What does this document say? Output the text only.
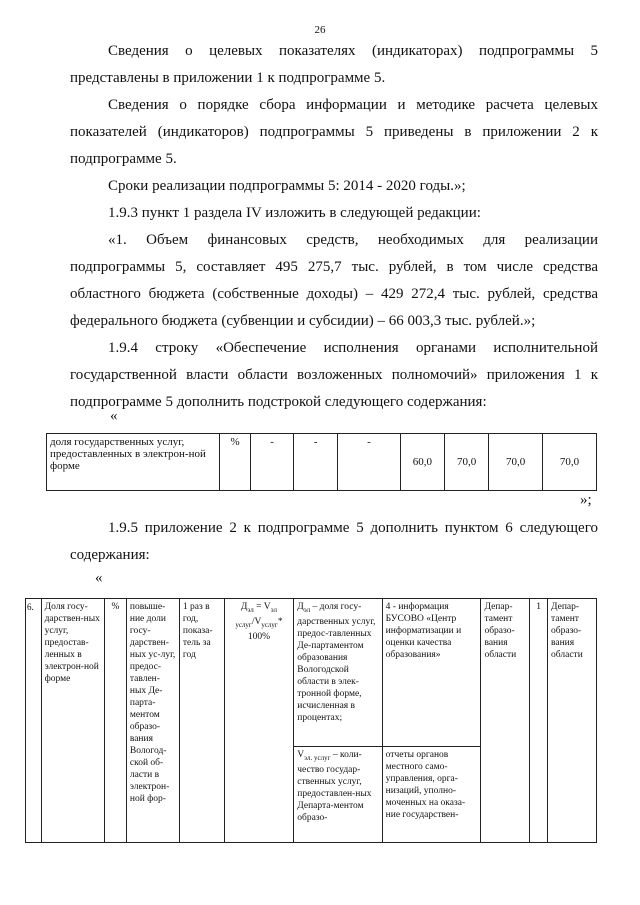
26

Сведения о целевых показателях (индикаторах) подпрограммы 5 представлены в приложении 1 к подпрограмме 5.

Сведения о порядке сбора информации и методике расчета целевых показателей (индикаторов) подпрограммы 5 приведены в приложении 2 к подпрограмме 5.

Сроки реализации подпрограммы 5: 2014 - 2020 годы.»;

1.9.3 пункт 1 раздела IV изложить в следующей редакции:

«1. Объем финансовых средств, необходимых для реализации подпрограммы 5, составляет 495 275,7 тыс. рублей, в том числе средства областного бюджета (собственные доходы) – 429 272,4 тыс. рублей, средства федерального бюджета (субвенции и субсидии) – 66 003,3 тыс. рублей.»;

1.9.4 строку «Обеспечение исполнения органами исполнительной государственной власти области возложенных полномочий» приложения 1 к подпрограмме 5 дополнить подстрокой следующего содержания:

«
доля государственных услуг, предоставленных в электрон-ной форме	%	-	-	-	60,0	70,0	70,0	70,0
»;

1.9.5 приложение 2 к подпрограмме 5 дополнить пунктом 6 следующего содержания:

«
6.	Доля госу-дарствен-ных услуг, предостав-ленных в электрон-ной форме	%	повыше-ние доли госу-дарствен-ных ус-луг, предос-тавлен-ных Де-парта-ментом образо-вания Вологод-ской об-ласти в электрон-ной фор-	1 раз в год, показа-тель за год	$Д_{эл} = V_{эл услуг}/V_{услуг}*$
100%	$Д_{эл}$ – доля госу-дарственных услуг, предос-тавленных Де-партаментом образования Вологодской области в элек-тронной форме, исчисленная в процентах;	4 - информация БУСОВО «Центр информатизации и оценки качества образования»	Депар-тамент образо-вания области	1	Депар-тамент образо-вания области
						$V_{эл. услуг}$ – коли-чество государ-ственных услуг, предоставлен-ных Департа-ментом образо-	отчеты органов местного само-управления, орга-низаций, уполно-моченных на оказа-ние государствен-			
